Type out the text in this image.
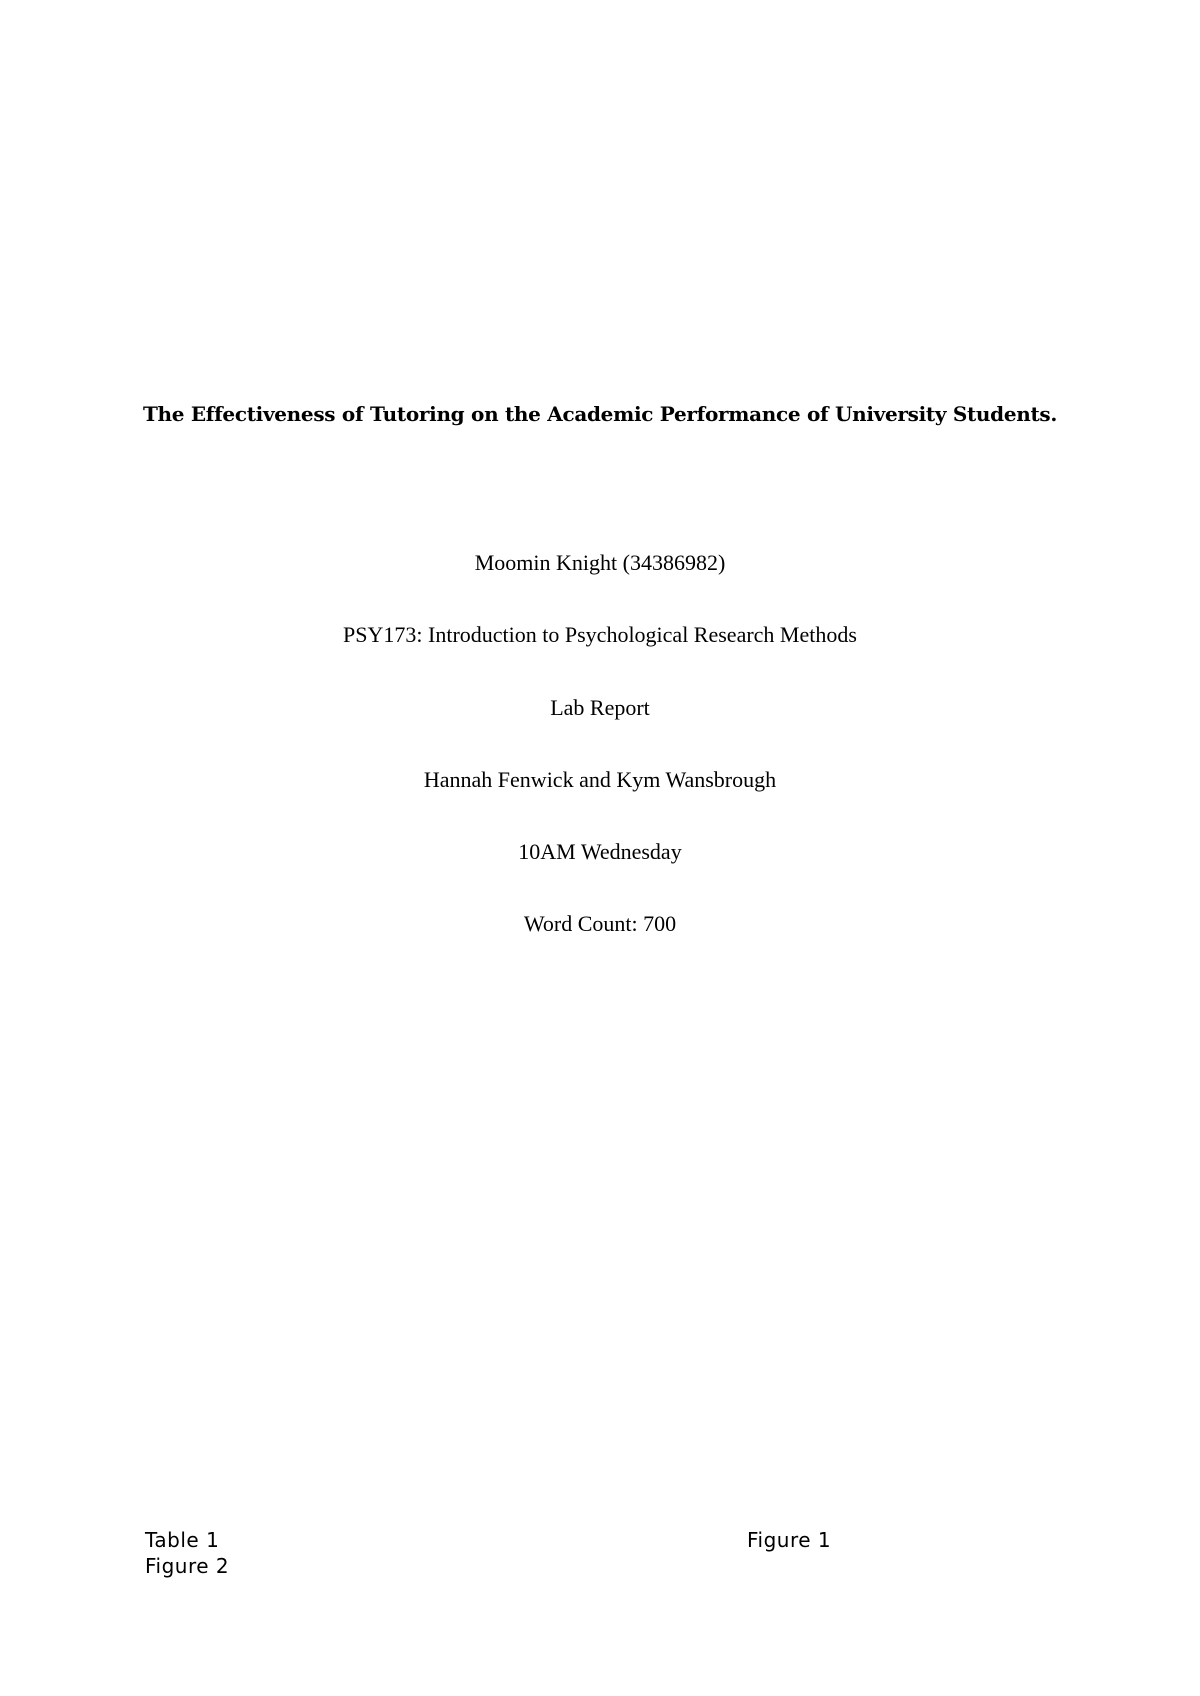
The Effectiveness of Tutoring on the Academic Performance of University Students.
Moomin Knight (34386982)
PSY173: Introduction to Psychological Research Methods
Lab Report
Hannah Fenwick and Kym Wansbrough
10AM Wednesday
Word Count: 700
Table 1	Figure 1
Figure 2
